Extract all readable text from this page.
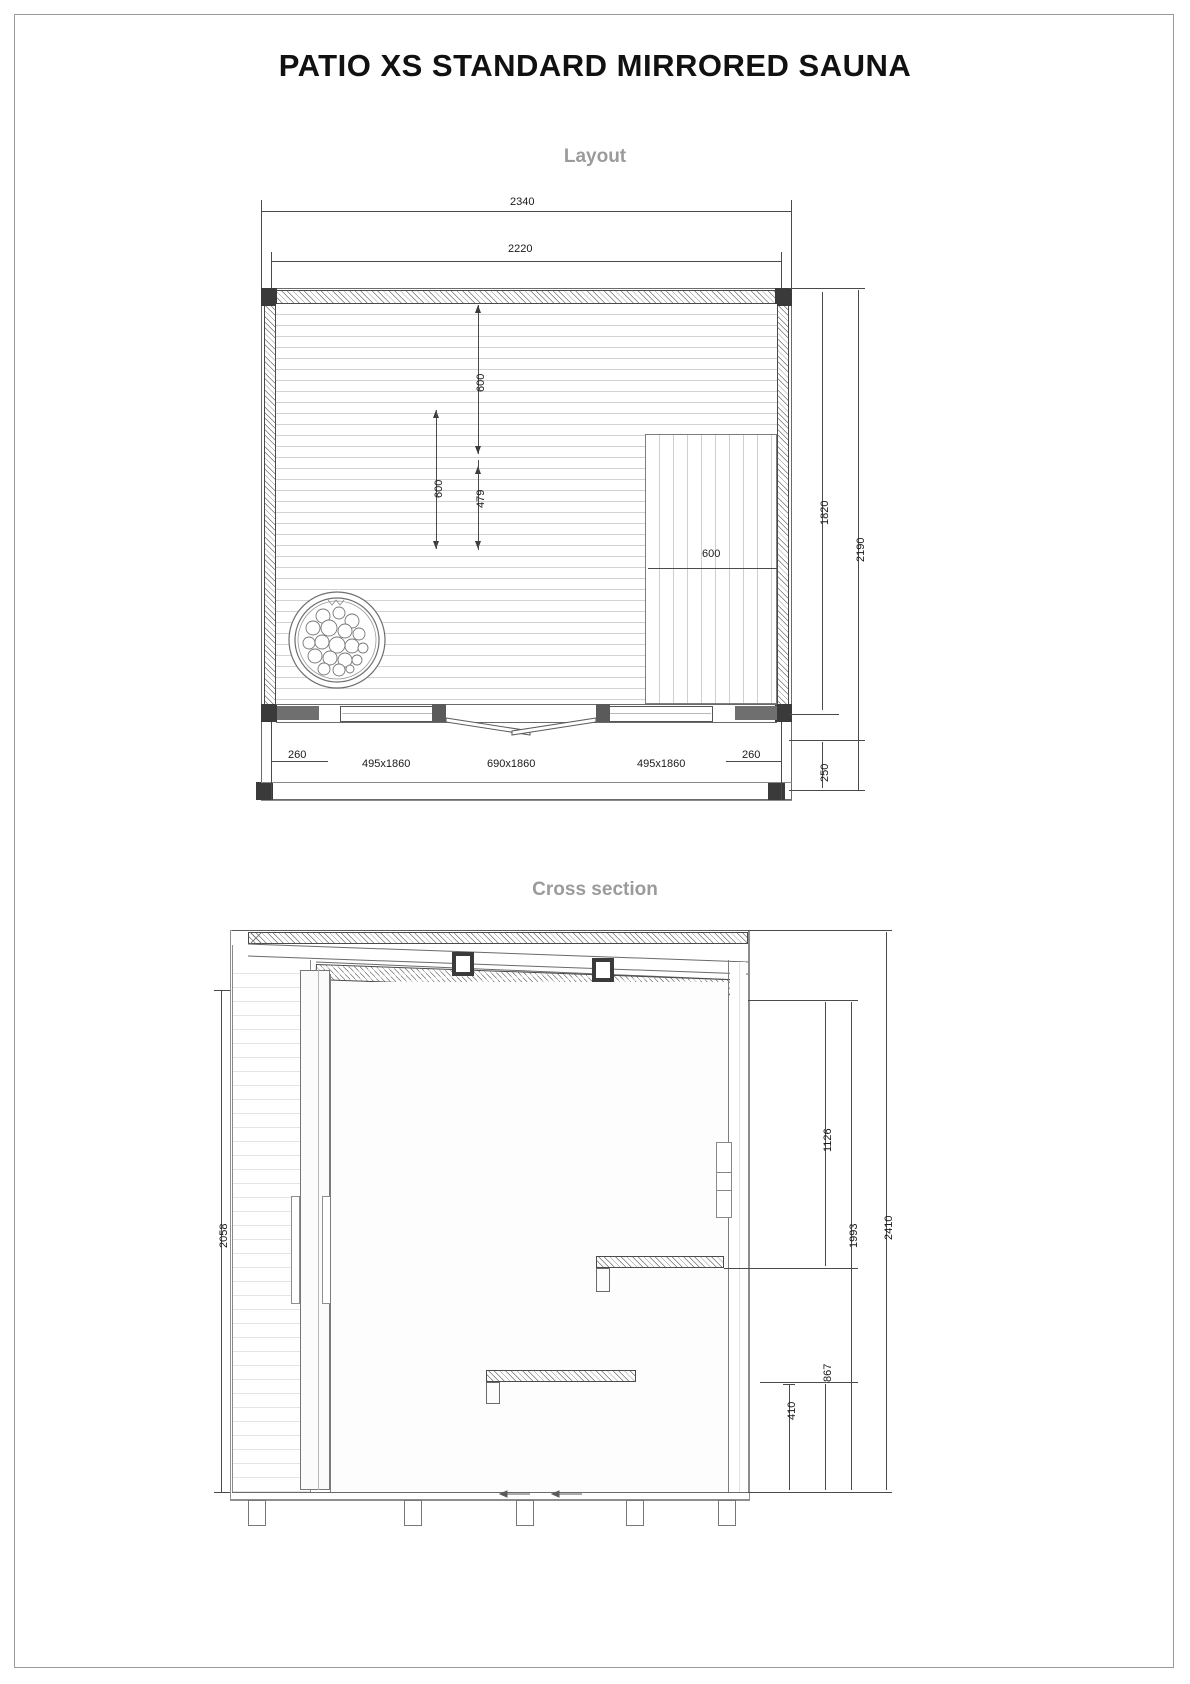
PATIO XS STANDARD MIRRORED SAUNA
Layout
Cross section
2340
2220
600
600
479
600
1820
2190
250
260	260
495x1860	690x1860	495x1860
2058
1126
1993 2410
867
410
